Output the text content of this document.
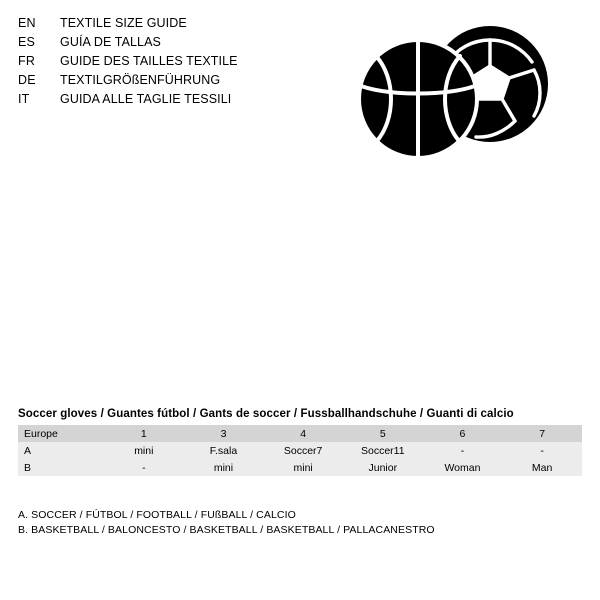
EN	TEXTILE SIZE GUIDE
ES	GUÍA DE TALLAS
FR	GUIDE DES TAILLES TEXTILE
DE	TEXTILGRÖßENFÜHRUNG
IT	GUIDA ALLE TAGLIE TESSILI
Soccer gloves / Guantes fútbol / Gants de soccer / Fussballhandschuhe / Guanti di calcio
Europe	1	3	4	5	6	7
A	mini	F.sala	Soccer7	Soccer11	-	-
B	-	mini	mini	Junior	Woman	Man
A. SOCCER / FÚTBOL / FOOTBALL / FUßBALL / CALCIO
B. BASKETBALL / BALONCESTO / BASKETBALL / BASKETBALL / PALLACANESTRO
